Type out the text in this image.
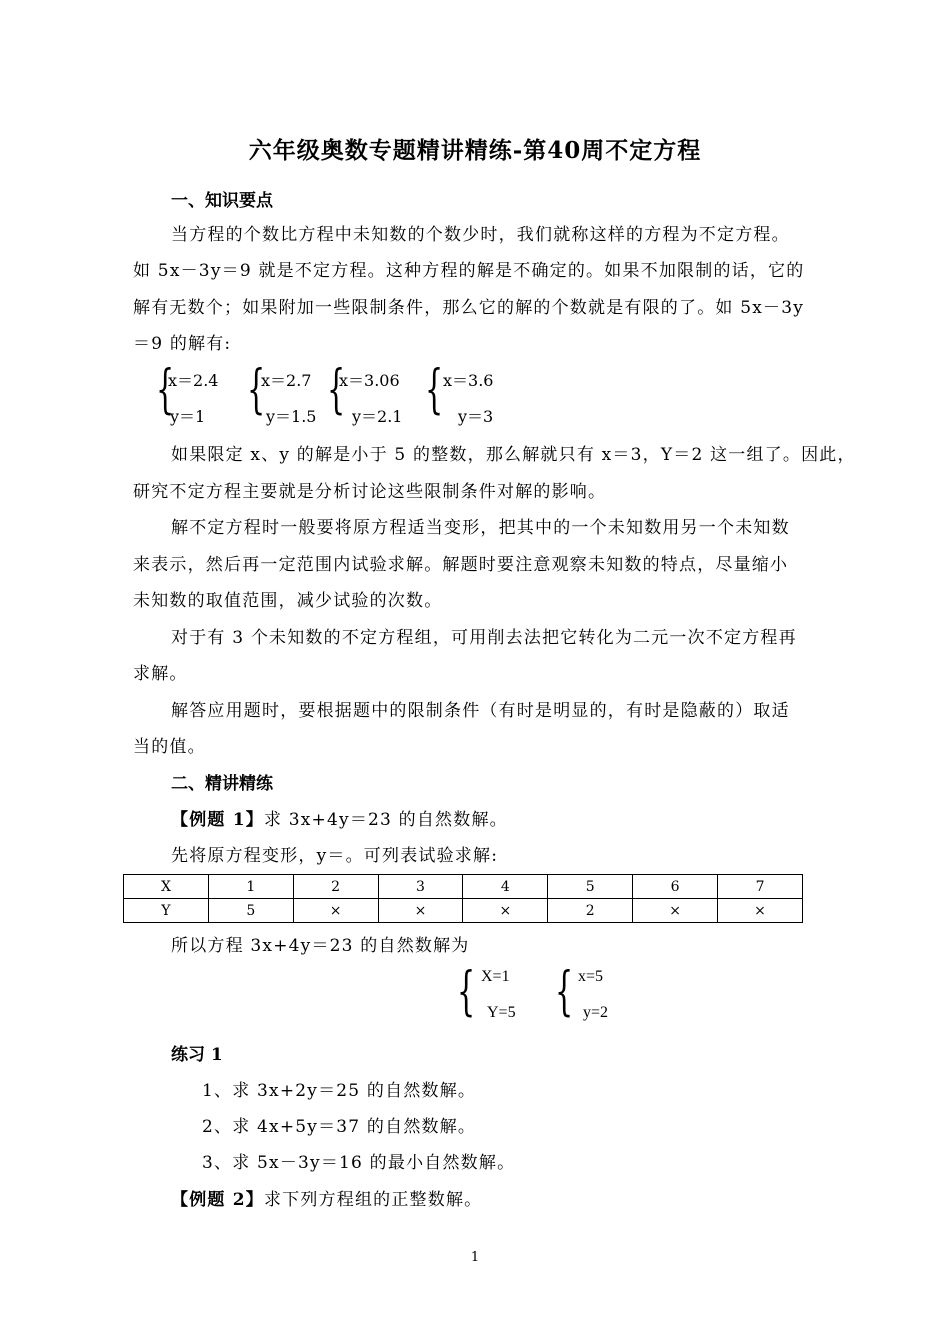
六年级奥数专题精讲精练-第40周不定方程
一、知识要点
当方程的个数比方程中未知数的个数少时，我们就称这样的方程为不定方程。
如 5x－3y＝9 就是不定方程。这种方程的解是不确定的。如果不加限制的话，它的
解有无数个；如果附加一些限制条件，那么它的解的个数就是有限的了。如 5x－3y
＝9 的解有:
{
x＝2.4
y＝1 {
x＝2.7
y＝1.5 {
x＝3.06
y＝2.1 { x＝3.6
y＝3
如果限定 x、y 的解是小于 5 的整数，那么解就只有 x＝3，Y＝2 这一组了。因此，
研究不定方程主要就是分析讨论这些限制条件对解的影响。
解不定方程时一般要将原方程适当变形，把其中的一个未知数用另一个未知数
来表示，然后再一定范围内试验求解。解题时要注意观察未知数的特点，尽量缩小
未知数的取值范围，减少试验的次数。
对于有 3 个未知数的不定方程组，可用削去法把它转化为二元一次不定方程再
求解。
解答应用题时，要根据题中的限制条件（有时是明显的，有时是隐蔽的）取适
当的值。
二、精讲精练
【例题 1】求 3x+4y＝23 的自然数解。
先将原方程变形，y＝。可列表试验求解:
X	1	2	3	4	5	6	7
Y	5	×	×	×	2	×	×
所以方程 3x+4y＝23 的自然数解为
{ X=1
Y=5 { x=5
y=2
练习 1
1、求 3x+2y＝25 的自然数解。
2、求 4x+5y＝37 的自然数解。
3、求 5x－3y＝16 的最小自然数解。
【例题 2】求下列方程组的正整数解。
1
